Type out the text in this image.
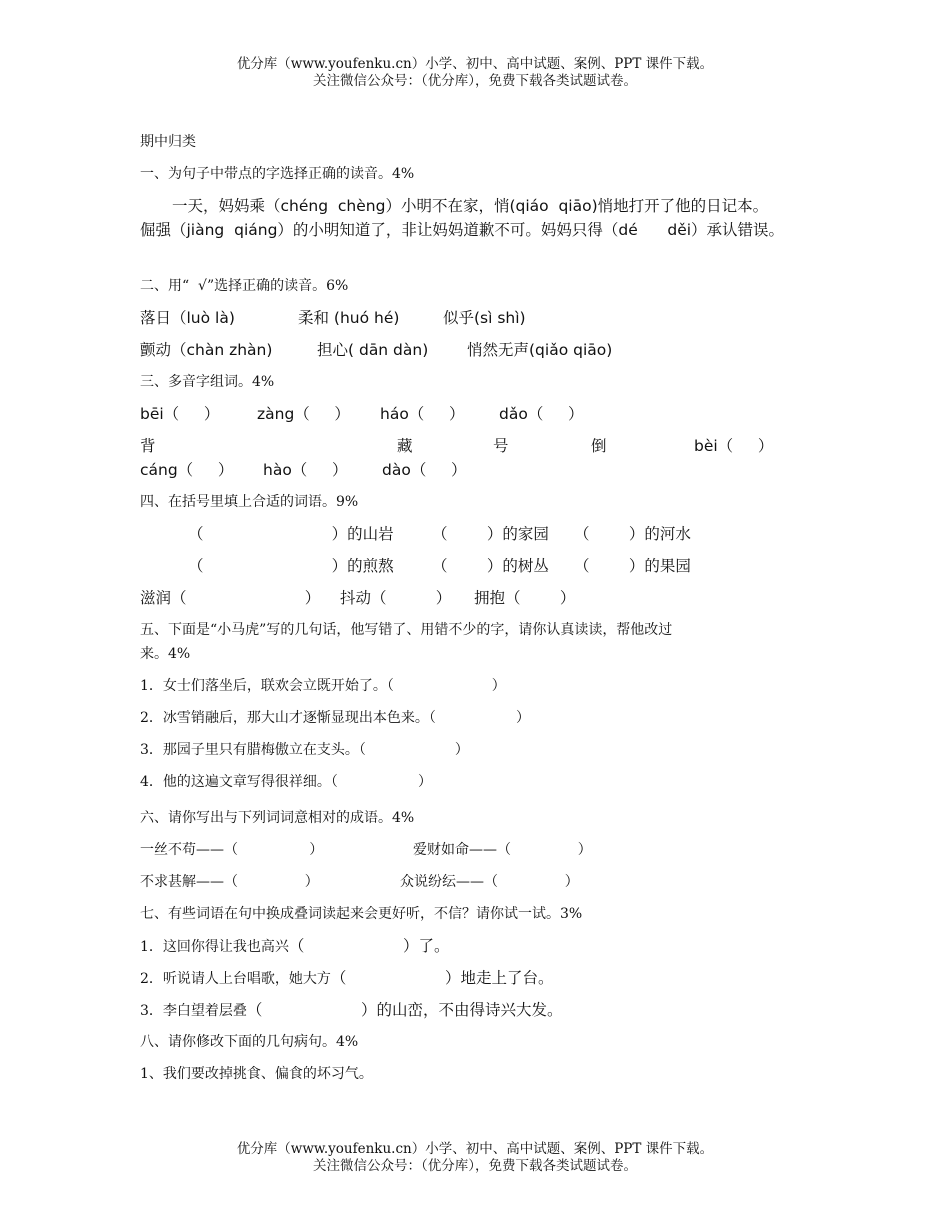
优分库（www.youfenku.cn）小学、初中、高中试题、案例、PPT 课件下载。
关注微信公众号：（优分库），免费下载各类试题试卷。
期中归类
一、为句子中带点的字选择正确的读音。4%
一天，妈妈乘（chéng  chèng）小明不在家，悄(qiáo  qiāo)悄地打开了他的日记本。
倔强（jiàng  qiáng）的小明知道了，非让妈妈道歉不可。妈妈只得（dé      děi）承认错误。
二、用“  √”选择正确的读音。6%
落日（luò là)	柔和 (huó hé)	似乎(sì shì)
颤动（chàn zhàn)	担心( dān dàn) 悄然无声(qiǎo qiāo)
三、多音字组词。4%
bēi（     ） zàng（     ） háo（     ） dǎo（     ）
背	藏	号	倒	bèi（     ）
cáng（     ） hào（     ） dào（     ）
四、在括号里填上合适的词语。9%
（                          ）的山岩 （        ）的家园 （        ）的河水
（                          ）的煎熬 （        ）的树丛 （        ）的果园
滋润（                        ） 抖动（          ） 拥抱（        ）
五、下面是“小马虎”写的几句话，他写错了、用错不少的字，请你认真读读，帮他改过
来。4%
1．女士们落坐后，联欢会立既开始了。（                      ）
2．冰雪销融后，那大山才逐惭显现出本色来。（                  ）
3．那园子里只有腊梅傲立在支头。（                    ）
4．他的这遍文章写得很祥细。（                  ）
六、请你写出与下列词词意相对的成语。4%
一丝不苟——（                ）	爱财如命——（               ）
不求甚解——（               ）	众说纷纭——（               ）
七、有些词语在句中换成叠词读起来会更好听，不信？请你试一试。3%
1．这回你得让我也高兴（                    ）了。
2．听说请人上台唱歌，她大方（                    ）地走上了台。
3．李白望着层叠（                    ）的山峦，不由得诗兴大发。
八、请你修改下面的几句病句。4%
1、我们要改掉挑食、偏食的坏习气。
优分库（www.youfenku.cn）小学、初中、高中试题、案例、PPT 课件下载。
关注微信公众号：（优分库），免费下载各类试题试卷。
